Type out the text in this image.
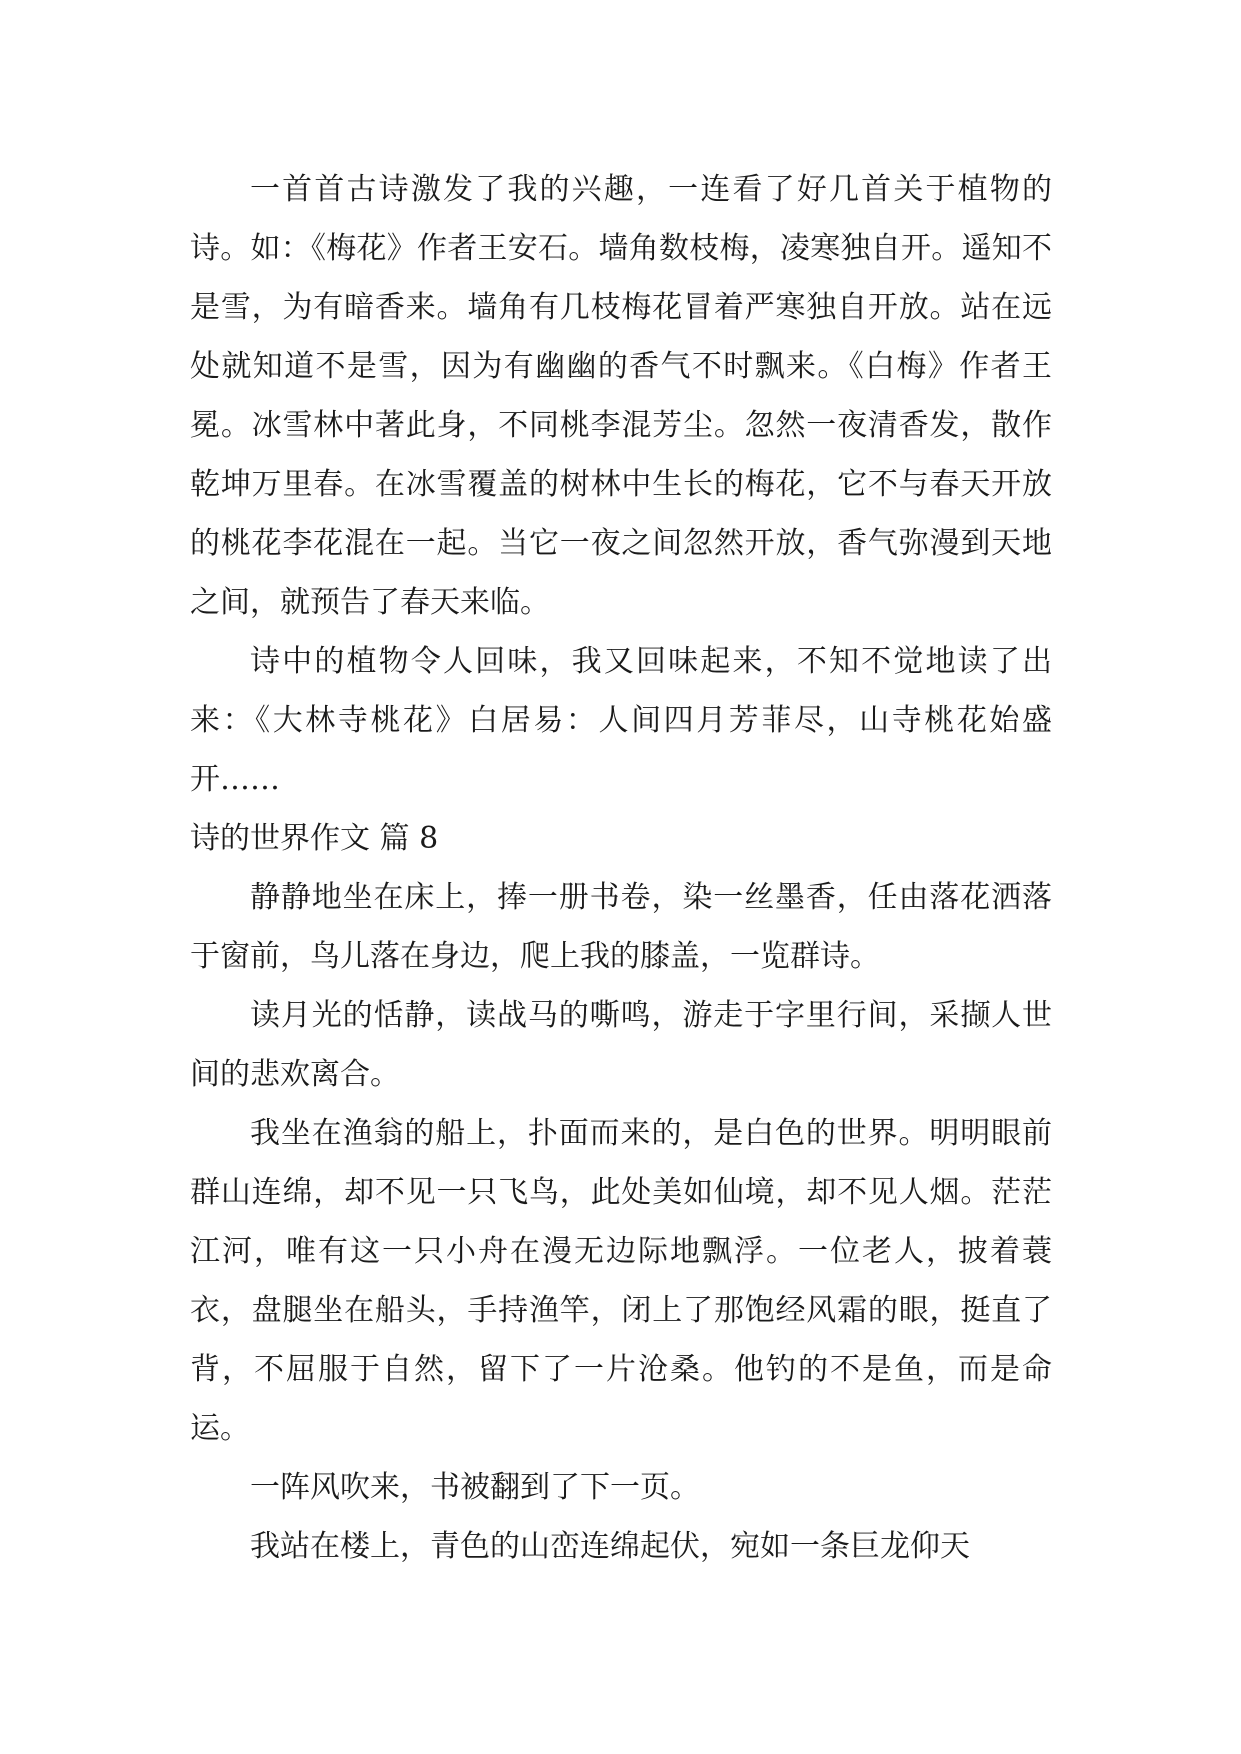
一首首古诗激发了我的兴趣，一连看了好几首关于植物的诗。如：《梅花》作者王安石。墙角数枝梅，凌寒独自开。遥知不是雪，为有暗香来。墙角有几枝梅花冒着严寒独自开放。站在远处就知道不是雪，因为有幽幽的香气不时飘来。《白梅》作者王冕。冰雪林中著此身，不同桃李混芳尘。忽然一夜清香发，散作乾坤万里春。在冰雪覆盖的树林中生长的梅花，它不与春天开放的桃花李花混在一起。当它一夜之间忽然开放，香气弥漫到天地之间，就预告了春天来临。

诗中的植物令人回味，我又回味起来，不知不觉地读了出来：《大林寺桃花》白居易：人间四月芳菲尽，山寺桃花始盛开……

诗的世界作文 篇 8

静静地坐在床上，捧一册书卷，染一丝墨香，任由落花洒落于窗前，鸟儿落在身边，爬上我的膝盖，一览群诗。

读月光的恬静，读战马的嘶鸣，游走于字里行间，采撷人世间的悲欢离合。

我坐在渔翁的船上，扑面而来的，是白色的世界。明明眼前群山连绵，却不见一只飞鸟，此处美如仙境，却不见人烟。茫茫江河，唯有这一只小舟在漫无边际地飘浮。一位老人，披着蓑衣，盘腿坐在船头，手持渔竿，闭上了那饱经风霜的眼，挺直了背，不屈服于自然，留下了一片沧桑。他钓的不是鱼，而是命运。

一阵风吹来，书被翻到了下一页。

我站在楼上，青色的山峦连绵起伏，宛如一条巨龙仰天
